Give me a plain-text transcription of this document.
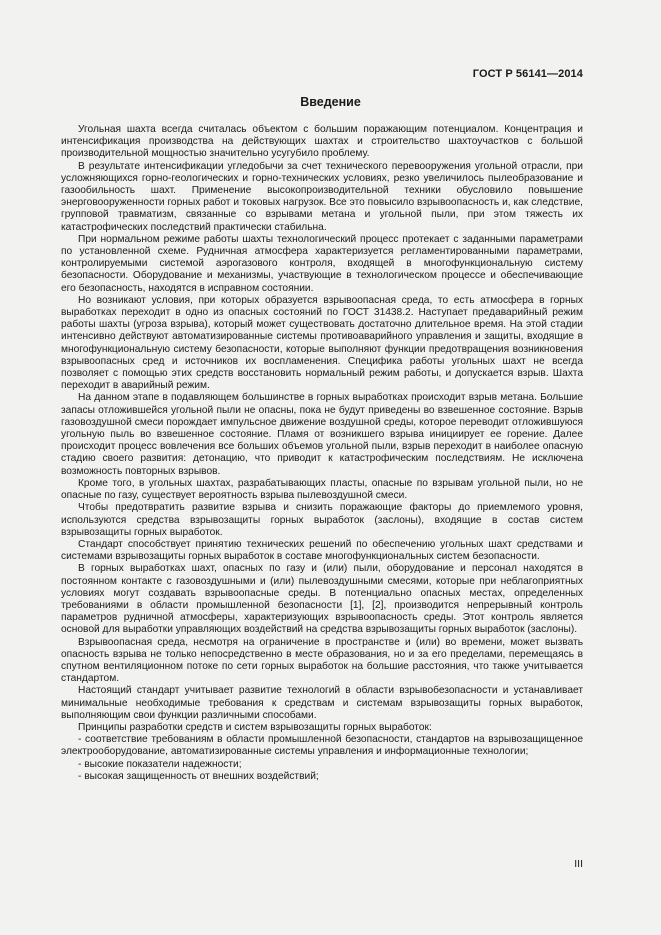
ГОСТ Р 56141—2014
Введение

Угольная шахта всегда считалась объектом с большим поражающим потенциалом. Концентрация и интенсификация производства на действующих шахтах и строительство шахтоучастков с большой производительной мощностью значительно усугубило проблему.

В результате интенсификации угледобычи за счет технического перевооружения угольной отрасли, при усложняющихся горно-геологических и горно-технических условиях, резко увеличилось пылеобразование и газообильность шахт. Применение высокопроизводительной техники обусловило повышение энерговооруженности горных работ и токовых нагрузок. Все это повысило взрывоопасность и, как следствие, групповой травматизм, связанные со взрывами метана и угольной пыли, при этом тяжесть их катастрофических последствий практически стабильна.

При нормальном режиме работы шахты технологический процесс протекает с заданными параметрами по установленной схеме. Рудничная атмосфера характеризуется регламентированными параметрами, контролируемыми системой аэрогазового контроля, входящей в многофункциональную систему безопасности. Оборудование и механизмы, участвующие в технологическом процессе и обеспечивающие его безопасность, находятся в исправном состоянии.

Но возникают условия, при которых образуется взрывоопасная среда, то есть атмосфера в горных выработках переходит в одно из опасных состояний по ГОСТ 31438.2. Наступает предаварийный режим работы шахты (угроза взрыва), который может существовать достаточно длительное время. На этой стадии интенсивно действуют автоматизированные системы противоаварийного управления и защиты, входящие в многофункциональную систему безопасности, которые выполняют функции предотвращения возникновения взрывоопасных сред и источников их воспламенения. Специфика работы угольных шахт не всегда позволяет с помощью этих средств восстановить нормальный режим работы, и допускается взрыв. Шахта переходит в аварийный режим.

На данном этапе в подавляющем большинстве в горных выработках происходит взрыв метана. Большие запасы отложившейся угольной пыли не опасны, пока не будут приведены во взвешенное состояние. Взрыв газовоздушной смеси порождает импульсное движение воздушной среды, которое переводит отложившуюся угольную пыль во взвешенное состояние. Пламя от возникшего взрыва инициирует ее горение. Далее происходит процесс вовлечения все больших объемов угольной пыли, взрыв переходит в наиболее опасную стадию своего развития: детонацию, что приводит к катастрофическим последствиям. Не исключена возможность повторных взрывов.

Кроме того, в угольных шахтах, разрабатывающих пласты, опасные по взрывам угольной пыли, но не опасные по газу, существует вероятность взрыва пылевоздушной смеси.

Чтобы предотвратить развитие взрыва и снизить поражающие факторы до приемлемого уровня, используются средства взрывозащиты горных выработок (заслоны), входящие в состав систем взрывозащиты горных выработок.

Стандарт способствует принятию технических решений по обеспечению угольных шахт средствами и системами взрывозащиты горных выработок в составе многофункциональных систем безопасности.

В горных выработках шахт, опасных по газу и (или) пыли, оборудование и персонал находятся в постоянном контакте с газовоздушными и (или) пылевоздушными смесями, которые при неблагоприятных условиях могут создавать взрывоопасные среды. В потенциально опасных местах, определенных требованиями в области промышленной безопасности [1], [2], производится непрерывный контроль параметров рудничной атмосферы, характеризующих взрывоопасность среды. Этот контроль является основой для выработки управляющих воздействий на средства взрывозащиты горных выработок (заслоны).

Взрывоопасная среда, несмотря на ограничение в пространстве и (или) во времени, может вызвать опасность взрыва не только непосредственно в месте образования, но и за его пределами, перемещаясь в спутном вентиляционном потоке по сети горных выработок на большие расстояния, что также учитывается стандартом.

Настоящий стандарт учитывает развитие технологий в области взрывобезопасности и устанавливает минимальные необходимые требования к средствам и системам взрывозащиты горных выработок, выполняющим свои функции различными способами.

Принципы разработки средств и систем взрывозащиты горных выработок:

- соответствие требованиям в области промышленной безопасности, стандартов на взрывозащищенное электрооборудование, автоматизированные системы управления и информационные технологии;

- высокие показатели надежности;

- высокая защищенность от внешних воздействий;

III
